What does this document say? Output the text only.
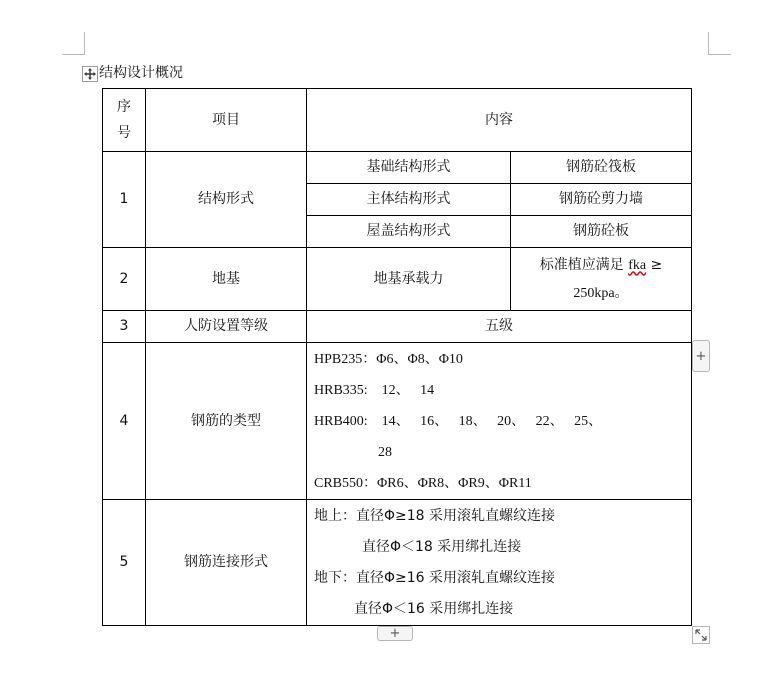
结构设计概况
序号	项目	内容	
1	结构形式	基础结构形式	钢筋砼筏板
		主体结构形式	钢筋砼剪力墙
		屋盖结构形式	钢筋砼板
2	地基	地基承载力	标准植应满足 fka ≥
250kpa。

3	人防设置等级	五级	
4	钢筋的类型	HPB235：Φ6、Φ8、Φ10
HRB335:    12、   14
HRB400:    14、   16、   18、   20、   22、   25、
28
CRB550：ΦR6、ΦR8、ΦR9、ΦR11	

5	钢筋连接形式	地上：直径Φ≥18 采用滚轧直螺纹连接
直径Φ＜18 采用绑扎连接
地下：直径Φ≥16 采用滚轧直螺纹连接
直径Φ＜16 采用绑扎连接	
+
+
